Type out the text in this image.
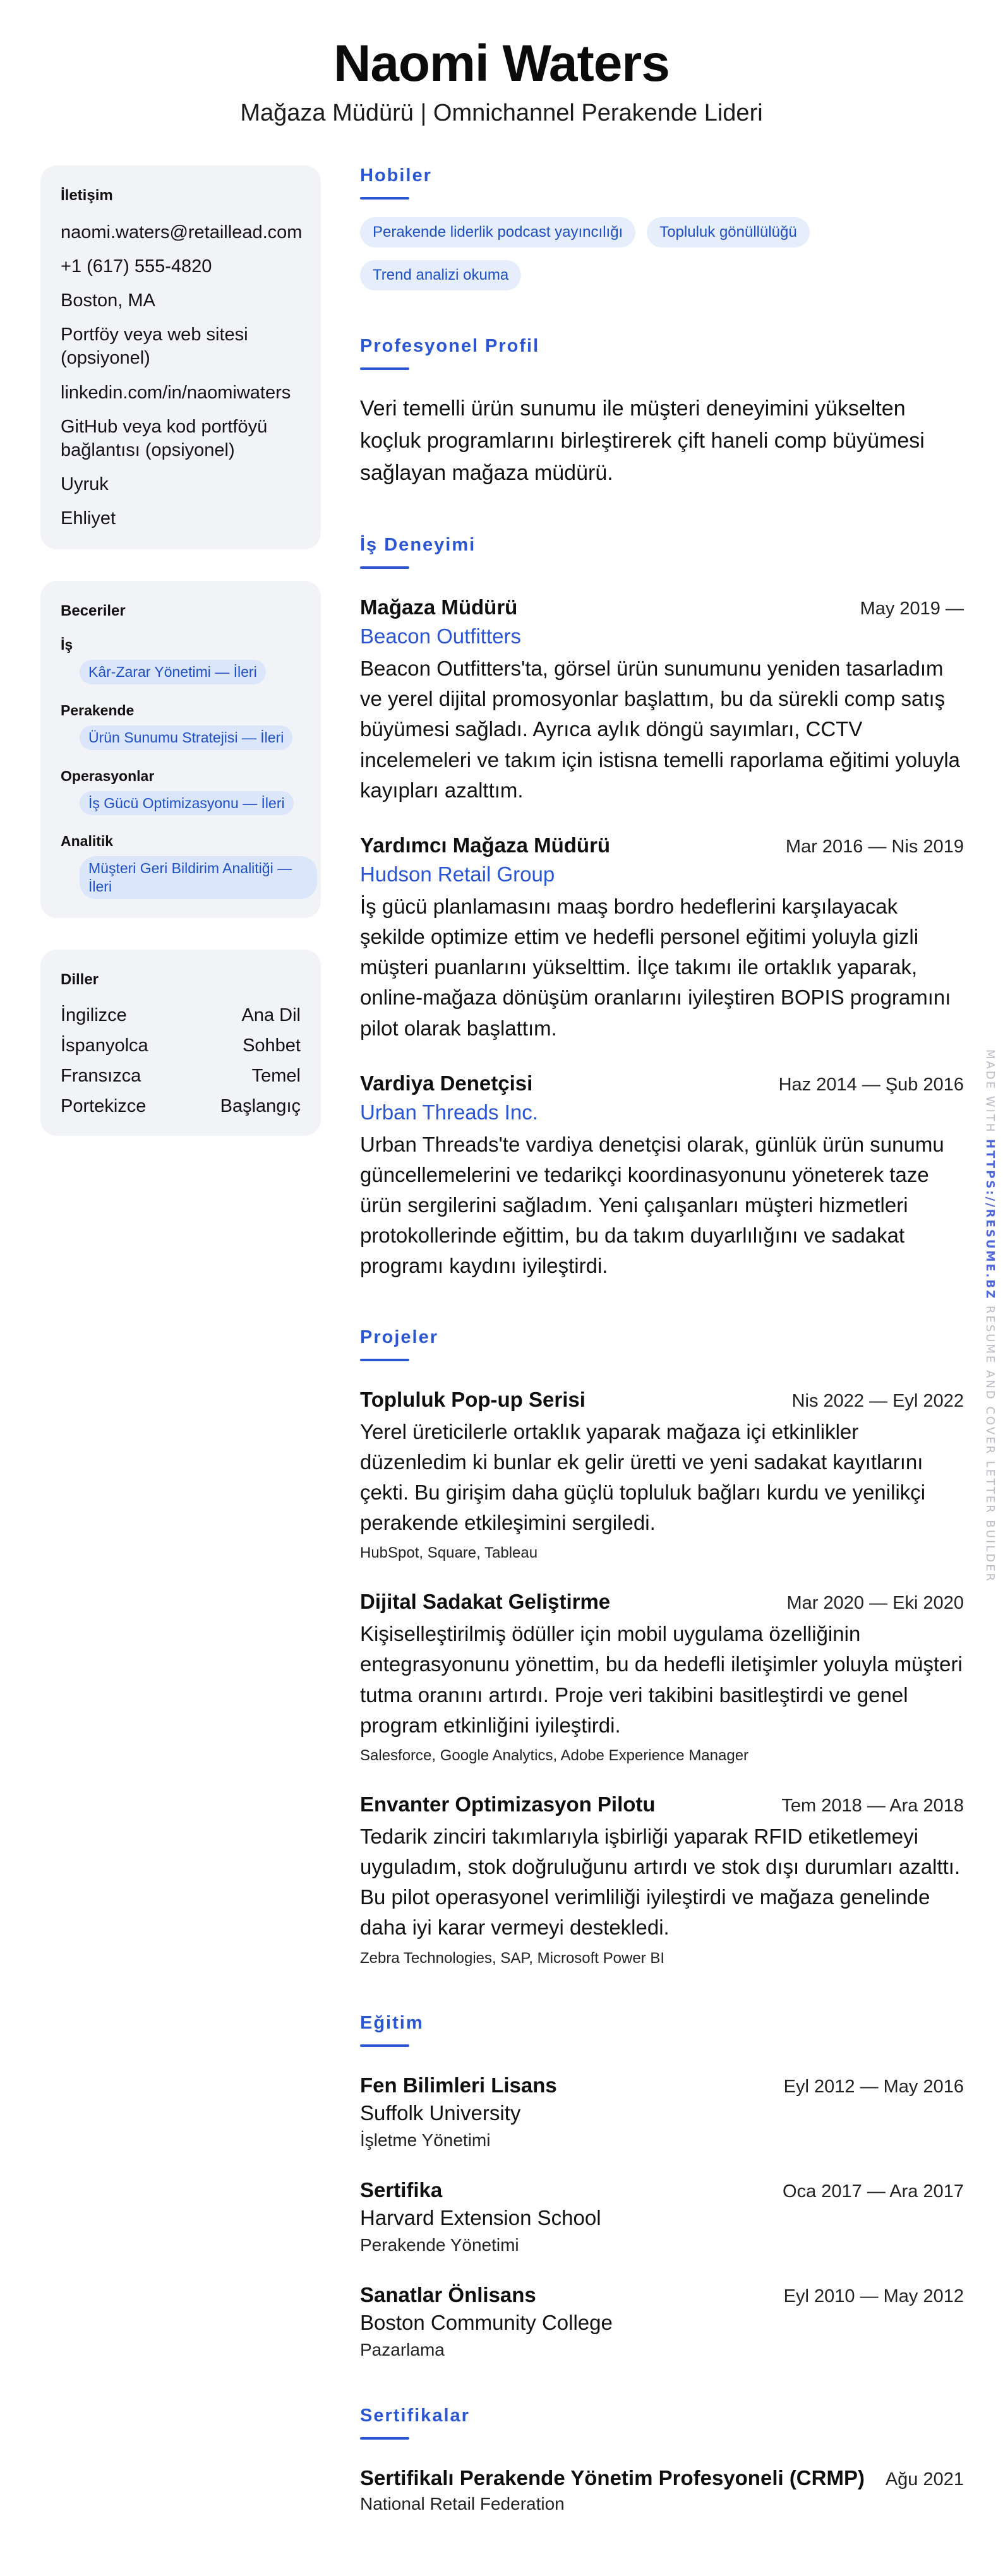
Naomi Waters
Mağaza Müdürü | Omnichannel Perakende Lideri
İletişim
naomi.waters@retaillead.com
+1 (617) 555-4820
Boston, MA
Portföy veya web sitesi (opsiyonel)
linkedin.com/in/naomiwaters
GitHub veya kod portföyü bağlantısı (opsiyonel)
Uyruk
Ehliyet
Beceriler
İş
Kâr-Zarar Yönetimi — İleri
Perakende
Ürün Sunumu Stratejisi — İleri
Operasyonlar
İş Gücü Optimizasyonu — İleri
Analitik
Müşteri Geri Bildirim Analitiği — İleri
Diller
İngilizce	Ana Dil
İspanyolca	Sohbet
Fransızca	Temel
Portekizce	Başlangıç
Hobiler
Perakende liderlik podcast yayıncılığı	Topluluk gönüllülüğü
Trend analizi okuma
Profesyonel Profil
Veri temelli ürün sunumu ile müşteri deneyimini yükselten koçluk programlarını birleştirerek çift haneli comp büyümesi sağlayan mağaza müdürü.
İş Deneyimi
Mağaza Müdürü	May 2019 —
Beacon Outfitters
Beacon Outfitters'ta, görsel ürün sunumunu yeniden tasarladım ve yerel dijital promosyonlar başlattım, bu da sürekli comp satış büyümesi sağladı. Ayrıca aylık döngü sayımları, CCTV incelemeleri ve takım için istisna temelli raporlama eğitimi yoluyla kayıpları azalttım.
Yardımcı Mağaza Müdürü	Mar 2016 — Nis 2019
Hudson Retail Group
İş gücü planlamasını maaş bordro hedeflerini karşılayacak şekilde optimize ettim ve hedefli personel eğitimi yoluyla gizli müşteri puanlarını yükselttim. İlçe takımı ile ortaklık yaparak, online-mağaza dönüşüm oranlarını iyileştiren BOPIS programını pilot olarak başlattım.
Vardiya Denetçisi	Haz 2014 — Şub 2016
Urban Threads Inc.
Urban Threads'te vardiya denetçisi olarak, günlük ürün sunumu güncellemelerini ve tedarikçi koordinasyonunu yöneterek taze ürün sergilerini sağladım. Yeni çalışanları müşteri hizmetleri protokollerinde eğittim, bu da takım duyarlılığını ve sadakat programı kaydını iyileştirdi.
Projeler
Topluluk Pop-up Serisi	Nis 2022 — Eyl 2022
Yerel üreticilerle ortaklık yaparak mağaza içi etkinlikler düzenledim ki bunlar ek gelir üretti ve yeni sadakat kayıtlarını çekti. Bu girişim daha güçlü topluluk bağları kurdu ve yenilikçi perakende etkileşimini sergiledi.
HubSpot, Square, Tableau
Dijital Sadakat Geliştirme	Mar 2020 — Eki 2020
Kişiselleştirilmiş ödüller için mobil uygulama özelliğinin entegrasyonunu yönettim, bu da hedefli iletişimler yoluyla müşteri tutma oranını artırdı. Proje veri takibini basitleştirdi ve genel program etkinliğini iyileştirdi.
Salesforce, Google Analytics, Adobe Experience Manager
Envanter Optimizasyon Pilotu	Tem 2018 — Ara 2018
Tedarik zinciri takımlarıyla işbirliği yaparak RFID etiketlemeyi uyguladım, stok doğruluğunu artırdı ve stok dışı durumları azalttı. Bu pilot operasyonel verimliliği iyileştirdi ve mağaza genelinde daha iyi karar vermeyi destekledi.
Zebra Technologies, SAP, Microsoft Power BI
Eğitim
Fen Bilimleri Lisans	Eyl 2012 — May 2016
Suffolk University
İşletme Yönetimi
Sertifika	Oca 2017 — Ara 2017
Harvard Extension School
Perakende Yönetimi
Sanatlar Önlisans	Eyl 2010 — May 2012
Boston Community College
Pazarlama
Sertifikalar
Sertifikalı Perakende Yönetim Profesyoneli (CRMP) Ağu 2021
National Retail Federation
MADE WITH HTTPS://RESUME.BZ RESUME AND COVER LETTER BUILDER
